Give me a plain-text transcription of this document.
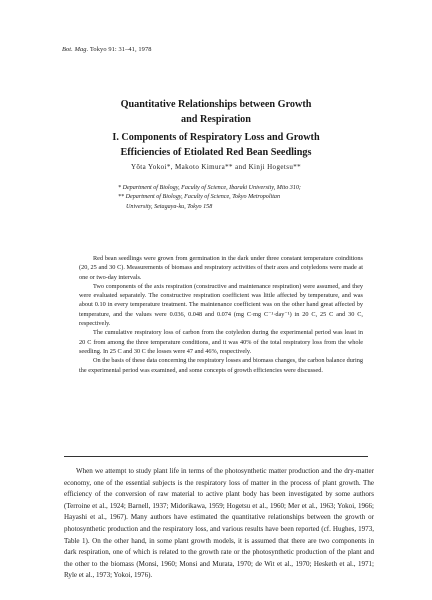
Bot. Mag. Tokyo 91: 31–41, 1978
Quantitative Relationships between Growth
and Respiration
I. Components of Respiratory Loss and Growth
Efficiencies of Etiolated Red Bean Seedlings
Yōta Yokoi*, Makoto Kimura** and Kinji Hogetsu**
* Department of Biology, Faculty of Science, Ibaraki University, Mito 310;
** Department of Biology, Faculty of Science, Tokyo Metropolitan
University, Setagaya-ku, Tokyo 158

Red bean seedlings were grown from germination in the dark under three constant temperature coinditions (20, 25 and 30 C). Measurements of biomass and respiratory activities of their axes and cotyledons were made at one or two-day intervals.

Two components of the axis respiration (constructive and maintenance respiration) were assumed, and they were evaluated separately. The constructive respiration coefficient was little affected by temperature, and was about 0.10 in every temperature treatment. The maintenance coefficient was on the other hand great affected by temperature, and the values were 0.036, 0.048 and 0.074 (mg C·mg C⁻¹·day⁻¹) in 20 C, 25 C and 30 C, respectively.

The cumulative respiratory loss of carbon from the cotyledon during the experimental period was least in 20 C from among the three temperature conditions, and it was 40% of the total respiratory loss from the whole seedling. In 25 C and 30 C the losses were 47 and 46%, respectively.

On the basis of these data concerning the respiratory losses and biomass changes, the carbon balance during the experimental period was examined, and some concepts of growth efficiencies were discussed.

When we attempt to study plant life in terms of the photosynthetic matter production and the dry-matter economy, one of the essential subjects is the respiratory loss of matter in the process of plant growth. The efficiency of the conversion of raw material to active plant body has been investigated by some authors (Terroine et al., 1924; Barnell, 1937; Midorikawa, 1959; Hogetsu et al., 1960; Mer et al., 1963; Yokoi, 1966; Hayashi et al., 1967). Many authors have estimated the quantitative relationships between the growth or photosynthetic production and the respiratory loss, and various results have been reported (cf. Hughes, 1973, Table 1). On the other hand, in some plant growth models, it is assumed that there are two components in dark respiration, one of which is related to the growth rate or the photosynthetic production of the plant and the other to the biomass (Monsi, 1960; Monsi and Murata, 1970; de Wit et al., 1970; Hesketh et al., 1971; Ryle et al., 1973; Yokoi, 1976).
